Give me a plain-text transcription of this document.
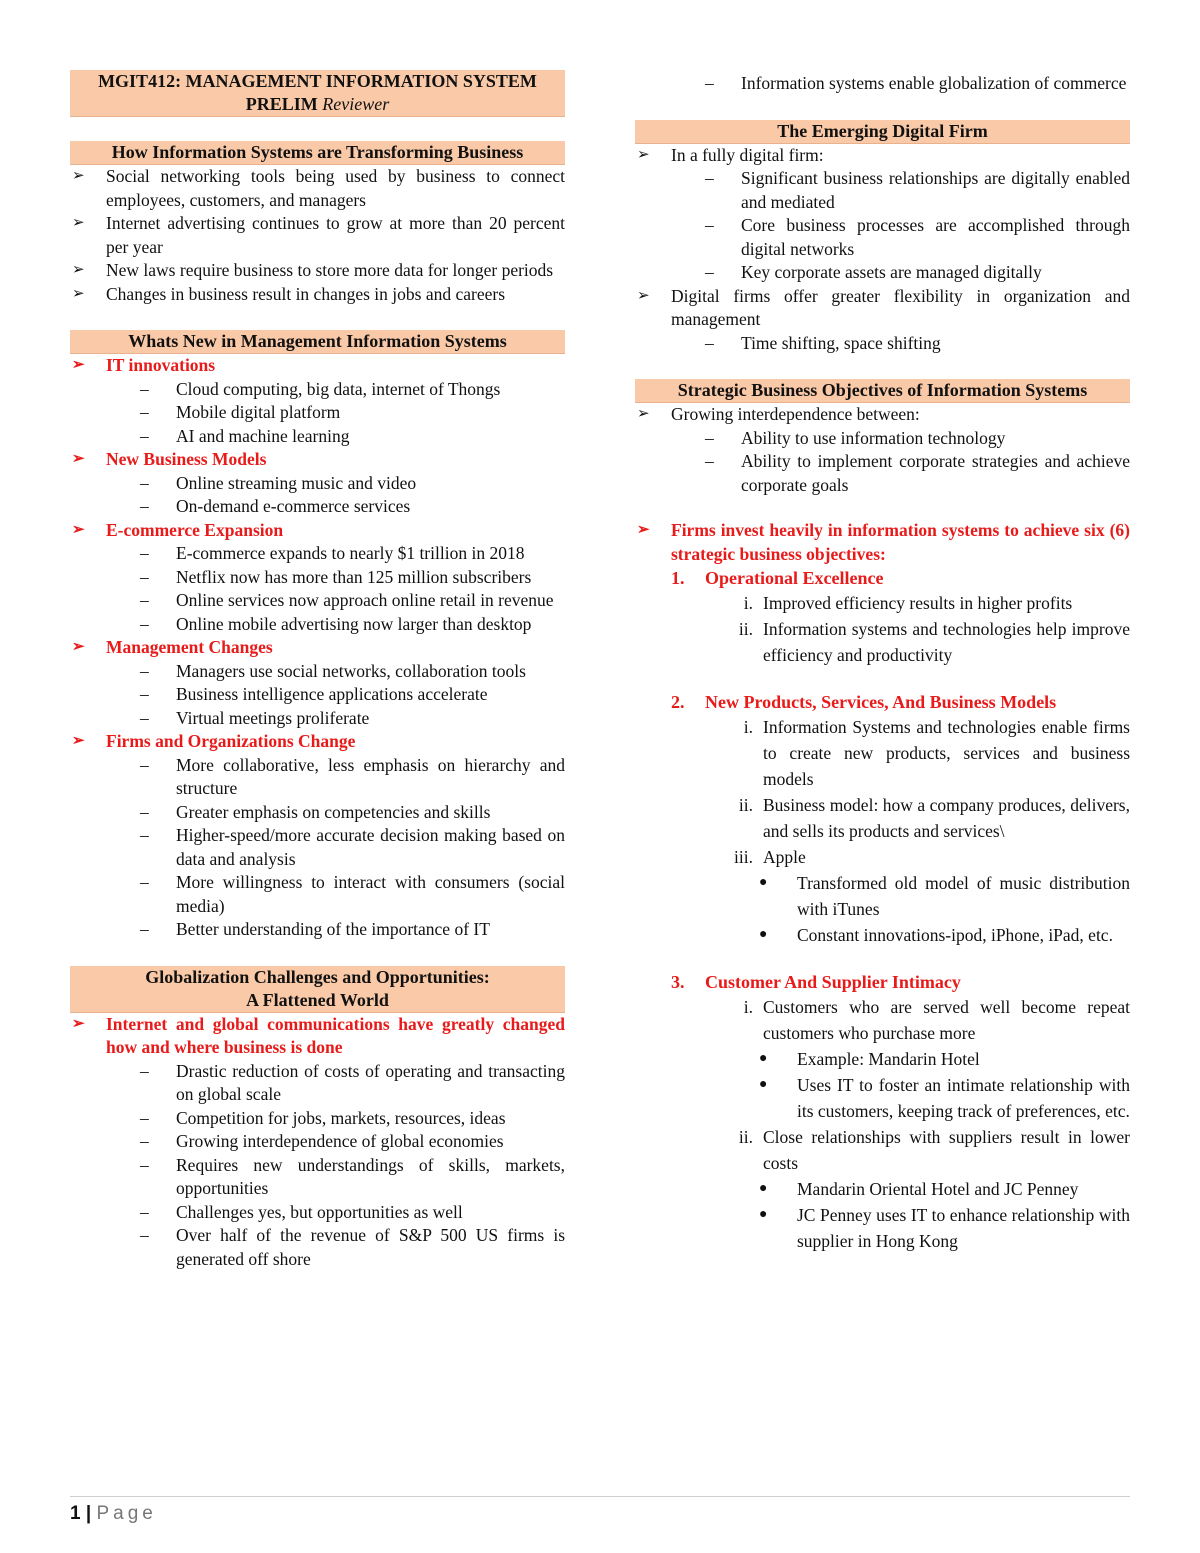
MGIT412: MANAGEMENT INFORMATION SYSTEM
PRELIM Reviewer
How Information Systems are Transforming Business
➢ Social networking tools being used by business to connect employees, customers, and managers
➢ Internet advertising continues to grow at more than 20 percent per year
➢ New laws require business to store more data for longer periods
➢ Changes in business result in changes in jobs and careers
Whats New in Management Information Systems
➢ IT innovations
– Cloud computing, big data, internet of Thongs
– Mobile digital platform
– AI and machine learning
➢ New Business Models
– Online streaming music and video
– On-demand e-commerce services
➢ E-commerce Expansion
– E-commerce expands to nearly $1 trillion in 2018
– Netflix now has more than 125 million subscribers
– Online services now approach online retail in revenue
– Online mobile advertising now larger than desktop
➢ Management Changes
– Managers use social networks, collaboration tools
– Business intelligence applications accelerate
– Virtual meetings proliferate
➢ Firms and Organizations Change
– More collaborative, less emphasis on hierarchy and structure
– Greater emphasis on competencies and skills
– Higher-speed/more accurate decision making based on data and analysis
– More willingness to interact with consumers (social media)
– Better understanding of the importance of IT
Globalization Challenges and Opportunities:
A Flattened World
➢ Internet and global communications have greatly changed how and where business is done
– Drastic reduction of costs of operating and transacting on global scale
– Competition for jobs, markets, resources, ideas
– Growing interdependence of global economies
– Requires new understandings of skills, markets, opportunities
– Challenges yes, but opportunities as well
– Over half of the revenue of S&P 500 US firms is generated off shore
– Information systems enable globalization of commerce
The Emerging Digital Firm
➢ In a fully digital firm:
– Significant business relationships are digitally enabled and mediated
– Core business processes are accomplished through digital networks
– Key corporate assets are managed digitally
➢ Digital firms offer greater flexibility in organization and management
– Time shifting, space shifting
Strategic Business Objectives of Information Systems
➢ Growing interdependence between:
– Ability to use information technology
– Ability to implement corporate strategies and achieve corporate goals
➢ Firms invest heavily in information systems to achieve six (6) strategic business objectives:
1. Operational Excellence
i. Improved efficiency results in higher profits
ii. Information systems and technologies help improve efficiency and productivity
2. New Products, Services, And Business Models
i. Information Systems and technologies enable firms to create new products, services and business models
ii. Business model: how a company produces, delivers, and sells its products and services\
iii. Apple
● Transformed old model of music distribution with iTunes
● Constant innovations-ipod, iPhone, iPad, etc.
3. Customer And Supplier Intimacy
i. Customers who are served well become repeat customers who purchase more
● Example: Mandarin Hotel
● Uses IT to foster an intimate relationship with its customers, keeping track of preferences, etc.
ii. Close relationships with suppliers result in lower costs
● Mandarin Oriental Hotel and JC Penney
● JC Penney uses IT to enhance relationship with supplier in Hong Kong
1 | Page
